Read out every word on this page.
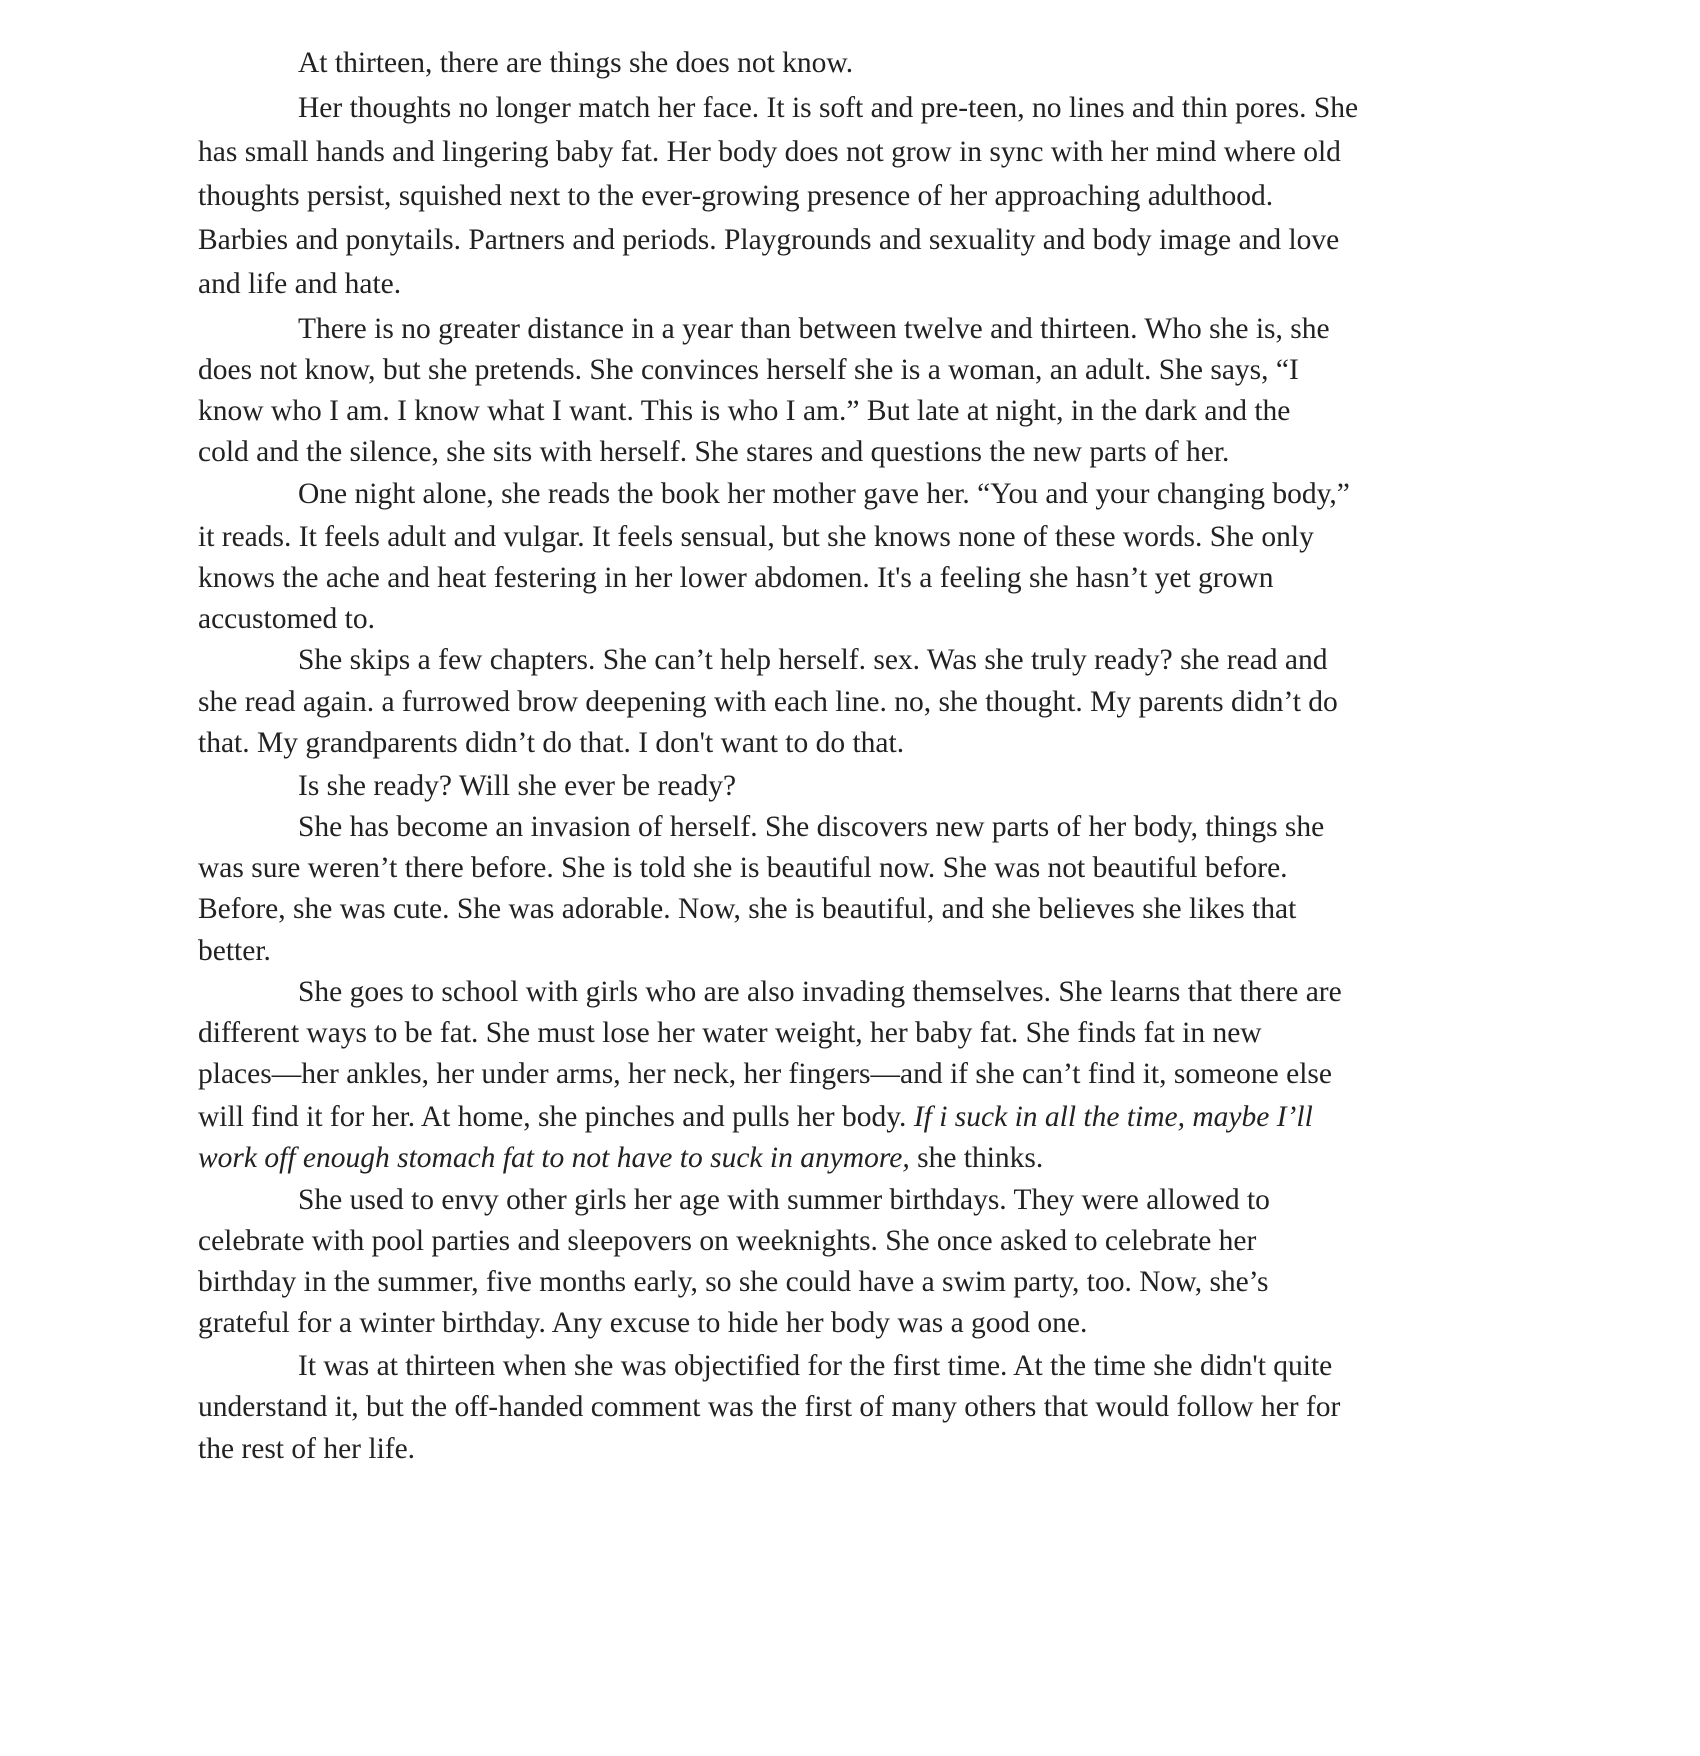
At thirteen, there are things she does not know.
Her thoughts no longer match her face. It is soft and pre-teen, no lines and thin pores. She
has small hands and lingering baby fat. Her body does not grow in sync with her mind where old
thoughts persist, squished next to the ever-growing presence of her approaching adulthood.
Barbies and ponytails. Partners and periods. Playgrounds and sexuality and body image and love
and life and hate.
There is no greater distance in a year than between twelve and thirteen. Who she is, she
does not know, but she pretends. She convinces herself she is a woman, an adult. She says, “I
know who I am. I know what I want. This is who I am.” But late at night, in the dark and the
cold and the silence, she sits with herself. She stares and questions the new parts of her.
One night alone, she reads the book her mother gave her. “You and your changing body,”
it reads. It feels adult and vulgar. It feels sensual, but she knows none of these words. She only
knows the ache and heat festering in her lower abdomen. It's a feeling she hasn’t yet grown
accustomed to.
She skips a few chapters. She can’t help herself. sex. Was she truly ready? she read and
she read again. a furrowed brow deepening with each line. no, she thought. My parents didn’t do
that. My grandparents didn’t do that. I don't want to do that.
Is she ready? Will she ever be ready?
She has become an invasion of herself. She discovers new parts of her body, things she
was sure weren’t there before. She is told she is beautiful now. She was not beautiful before.
Before, she was cute. She was adorable. Now, she is beautiful, and she believes she likes that
better.
She goes to school with girls who are also invading themselves. She learns that there are
different ways to be fat. She must lose her water weight, her baby fat. She finds fat in new
places—her ankles, her under arms, her neck, her fingers—and if she can’t find it, someone else
will find it for her. At home, she pinches and pulls her body. If i suck in all the time, maybe I’ll
work off enough stomach fat to not have to suck in anymore, she thinks.
She used to envy other girls her age with summer birthdays. They were allowed to
celebrate with pool parties and sleepovers on weeknights. She once asked to celebrate her
birthday in the summer, five months early, so she could have a swim party, too. Now, she’s
grateful for a winter birthday. Any excuse to hide her body was a good one.
It was at thirteen when she was objectified for the first time. At the time she didn't quite
understand it, but the off-handed comment was the first of many others that would follow her for
the rest of her life.
